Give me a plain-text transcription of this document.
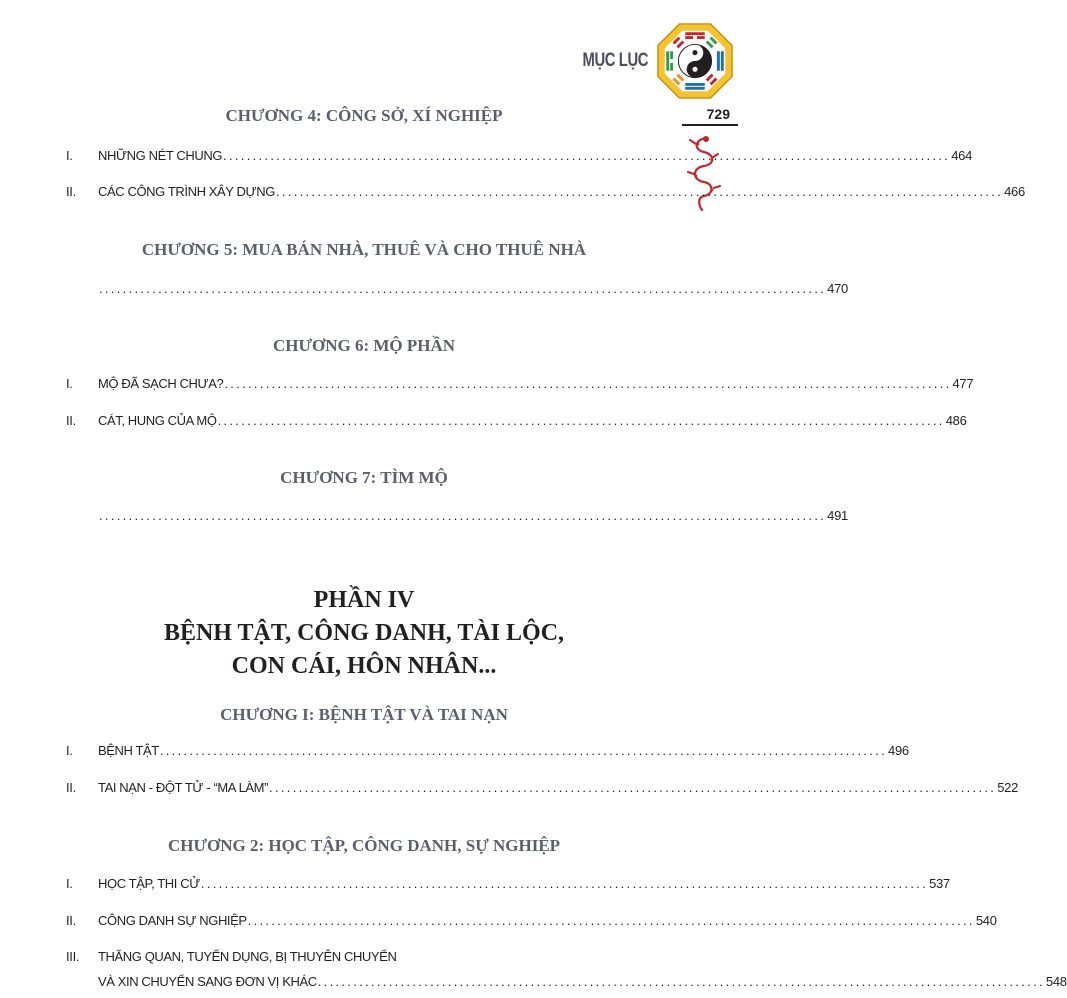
MỤC LỤC
729
CHƯƠNG 4: CÔNG SỞ, XÍ NGHIỆP
I.	NHỮNG NÉT CHUNG ........................................................................................................................... 464
II.	CÁC CÔNG TRÌNH XÂY DỰNG ........................................................................................................................... 466
CHƯƠNG 5: MUA BÁN NHÀ, THUÊ VÀ CHO THUÊ NHÀ
........................................................................................................................... 470
CHƯƠNG 6: MỘ PHẦN
I.	MỘ ĐÃ SẠCH CHƯA? ........................................................................................................................... 477
II.	CÁT, HUNG CỦA MỘ ........................................................................................................................... 486
CHƯƠNG 7: TÌM MỘ
........................................................................................................................... 491
PHẦN IV
BỆNH TẬT, CÔNG DANH, TÀI LỘC,
CON CÁI, HÔN NHÂN...
CHƯƠNG I: BỆNH TẬT VÀ TAI NẠN
I.	BỆNH TẬT ........................................................................................................................... 496
II.	TAI NẠN - ĐỘT TỬ - “MA LÀM” ........................................................................................................................... 522
CHƯƠNG 2: HỌC TẬP, CÔNG DANH, SỰ NGHIỆP
I.	HỌC TẬP, THI CỬ ........................................................................................................................... 537
II.	CÔNG DANH SỰ NGHIỆP ........................................................................................................................... 540
III.	THĂNG QUAN, TUYỂN DỤNG, BỊ THUYÊN CHUYỂN
VÀ XIN CHUYỂN SANG ĐƠN VỊ KHÁC ........................................................................................................................... 548
